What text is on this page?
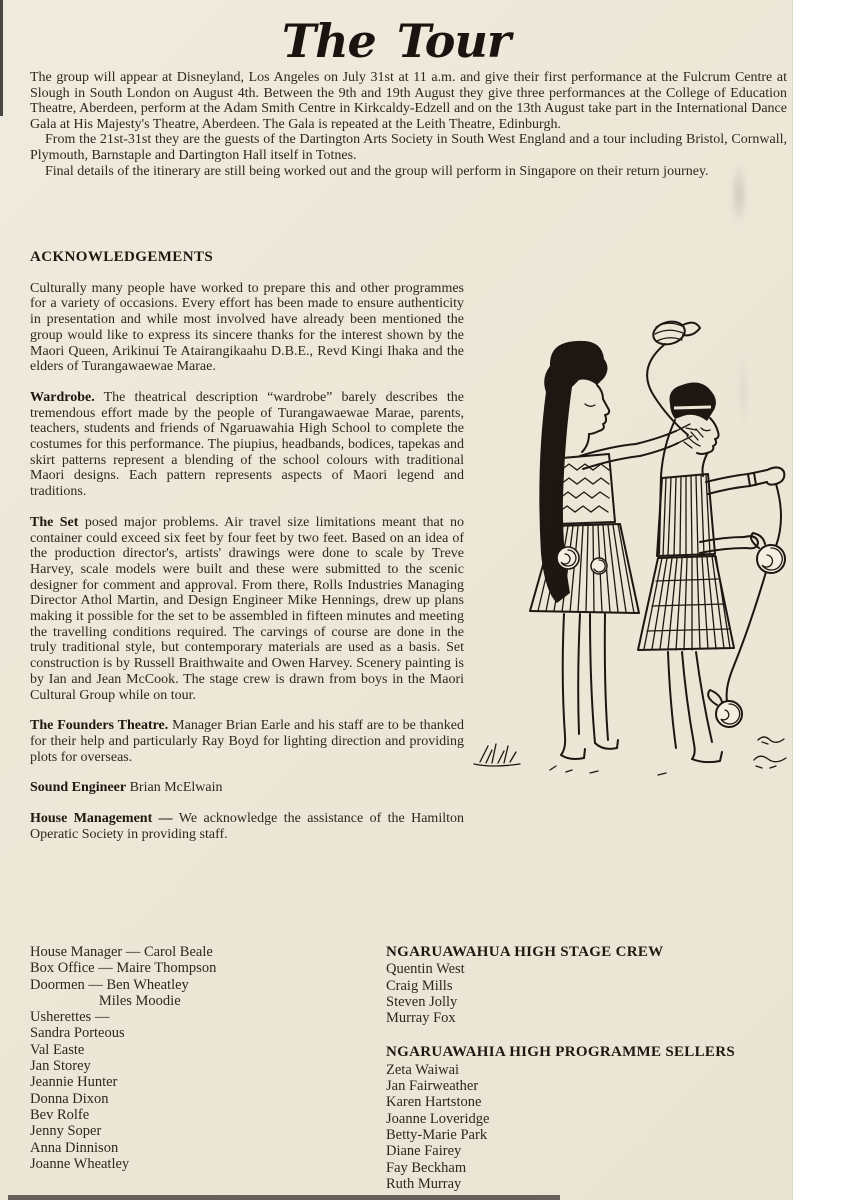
The Tour

The group will appear at Disneyland, Los Angeles on July 31st at 11 a.m. and give their first performance at the Fulcrum Centre at Slough in South London on August 4th. Between the 9th and 19th August they give three performances at the College of Education Theatre, Aberdeen, perform at the Adam Smith Centre in Kirkcaldy-Edzell and on the 13th August take part in the International Dance Gala at His Majesty's Theatre, Aberdeen. The Gala is repeated at the Leith Theatre, Edinburgh.

From the 21st-31st they are the guests of the Dartington Arts Society in South West England and a tour including Bristol, Cornwall, Plymouth, Barnstaple and Dartington Hall itself in Totnes.

Final details of the itinerary are still being worked out and the group will perform in Singapore on their return journey.

ACKNOWLEDGEMENTS

Culturally many people have worked to prepare this and other programmes for a variety of occasions. Every effort has been made to ensure authenticity in presentation and while most involved have already been mentioned the group would like to express its sincere thanks for the interest shown by the Maori Queen, Arikinui Te Atairangikaahu D.B.E., Revd Kingi Ihaka and the elders of Turangawaewae Marae.

Wardrobe. The theatrical description “wardrobe” barely describes the tremendous effort made by the people of Turangawaewae Marae, parents, teachers, students and friends of Ngaruawahia High School to complete the costumes for this performance. The piupius, headbands, bodices, tapekas and skirt patterns represent a blending of the school colours with traditional Maori designs. Each pattern represents aspects of Maori legend and traditions.

The Set posed major problems. Air travel size limitations meant that no container could exceed six feet by four feet by two feet. Based on an idea of the production director's, artists' drawings were done to scale by Treve Harvey, scale models were built and these were submitted to the scenic designer for comment and approval. From there, Rolls Industries Managing Director Athol Martin, and Design Engineer Mike Hennings, drew up plans making it possible for the set to be assembled in fifteen minutes and meeting the travelling conditions required. The carvings of course are done in the truly traditional style, but contemporary materials are used as a basis. Set construction is by Russell Braithwaite and Owen Harvey. Scenery painting is by Ian and Jean McCook. The stage crew is drawn from boys in the Maori Cultural Group while on tour.

The Founders Theatre. Manager Brian Earle and his staff are to be thanked for their help and particularly Ray Boyd for lighting direction and providing plots for overseas.

Sound Engineer Brian McElwain

House Management — We acknowledge the assistance of the Hamilton Operatic Society in providing staff.

House Manager — Carol Beale
Box Office — Maire Thompson
Doormen — Ben Wheatley
Miles Moodie
Usherettes —
Sandra Porteous
Val Easte
Jan Storey
Jeannie Hunter
Donna Dixon
Bev Rolfe
Jenny Soper
Anna Dinnison
Joanne Wheatley

NGARUAWAHUA HIGH STAGE CREW

Quentin West
Craig Mills
Steven Jolly
Murray Fox

NGARUAWAHIA HIGH PROGRAMME SELLERS

Zeta Waiwai
Jan Fairweather
Karen Hartstone
Joanne Loveridge
Betty-Marie Park
Diane Fairey
Fay Beckham
Ruth Murray
